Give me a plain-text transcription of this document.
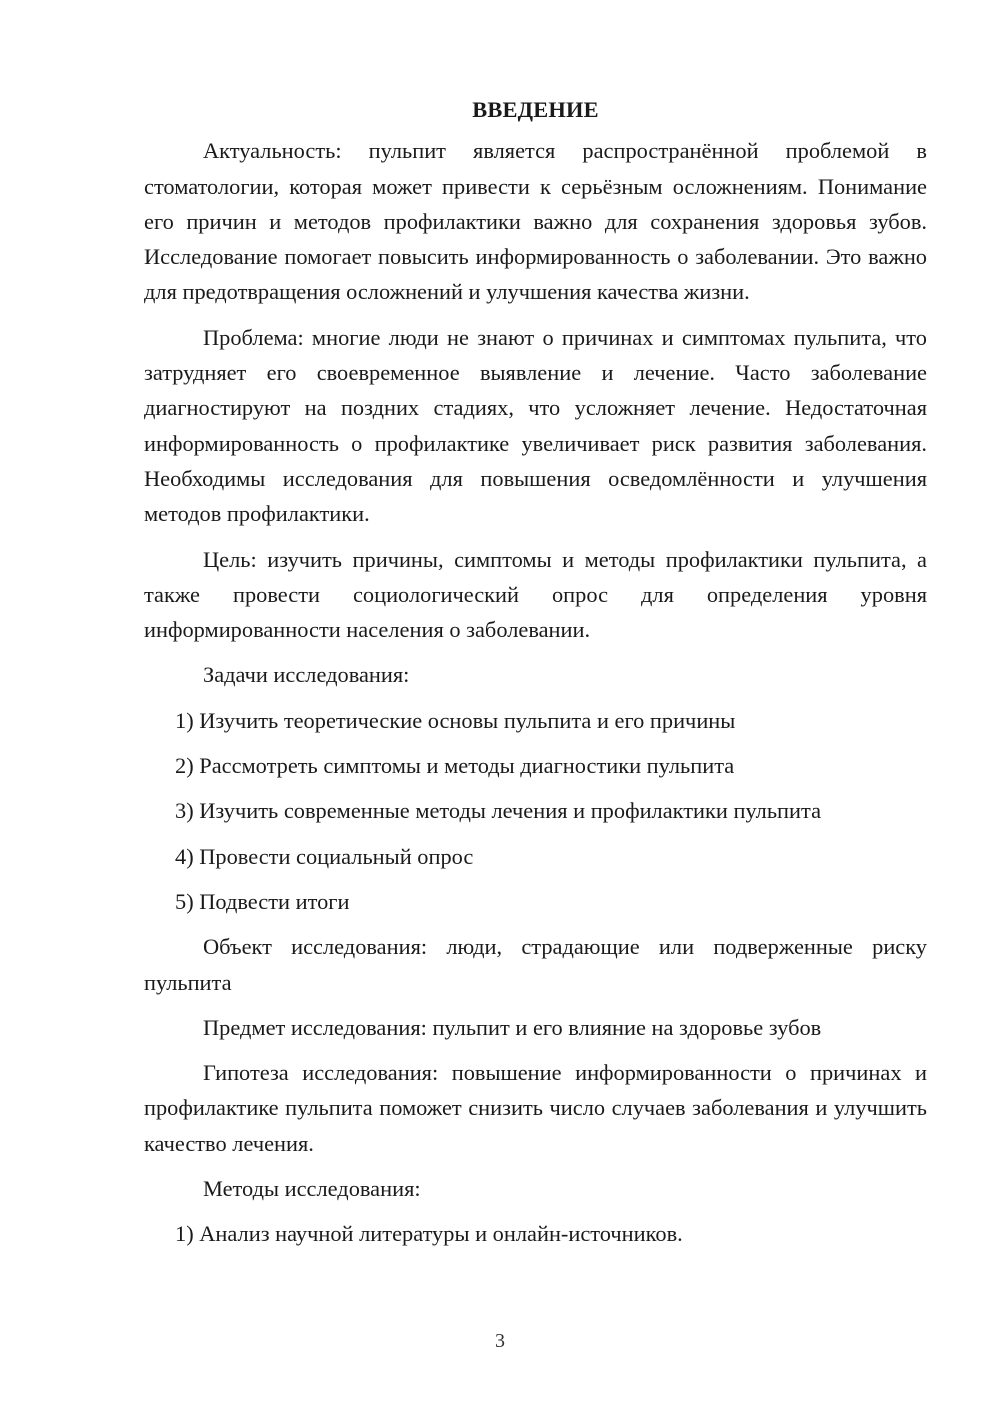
ВВЕДЕНИЕ

Актуальность: пульпит является распространённой проблемой в стоматологии, которая может привести к серьёзным осложнениям. Понимание его причин и методов профилактики важно для сохранения здоровья зубов. Исследование помогает повысить информированность о заболевании. Это важно для предотвращения осложнений и улучшения качества жизни.

Проблема: многие люди не знают о причинах и симптомах пульпита, что затрудняет его своевременное выявление и лечение. Часто заболевание диагностируют на поздних стадиях, что усложняет лечение. Недостаточная информированность о профилактике увеличивает риск развития заболевания. Необходимы исследования для повышения осведомлённости и улучшения методов профилактики.

Цель: изучить причины, симптомы и методы профилактики пульпита, а также провести социологический опрос для определения уровня информированности населения о заболевании.

Задачи исследования:
1) Изучить теоретические основы пульпита и его причины
2) Рассмотреть симптомы и методы диагностики пульпита
3) Изучить современные методы лечения и профилактики пульпита
4) Провести социальный опрос
5) Подвести итоги

Объект исследования: люди, страдающие или подверженные риску пульпита

Предмет исследования: пульпит и его влияние на здоровье зубов

Гипотеза исследования: повышение информированности о причинах и профилактике пульпита поможет снизить число случаев заболевания и улучшить качество лечения.

Методы исследования:
1) Анализ научной литературы и онлайн-источников.
3
